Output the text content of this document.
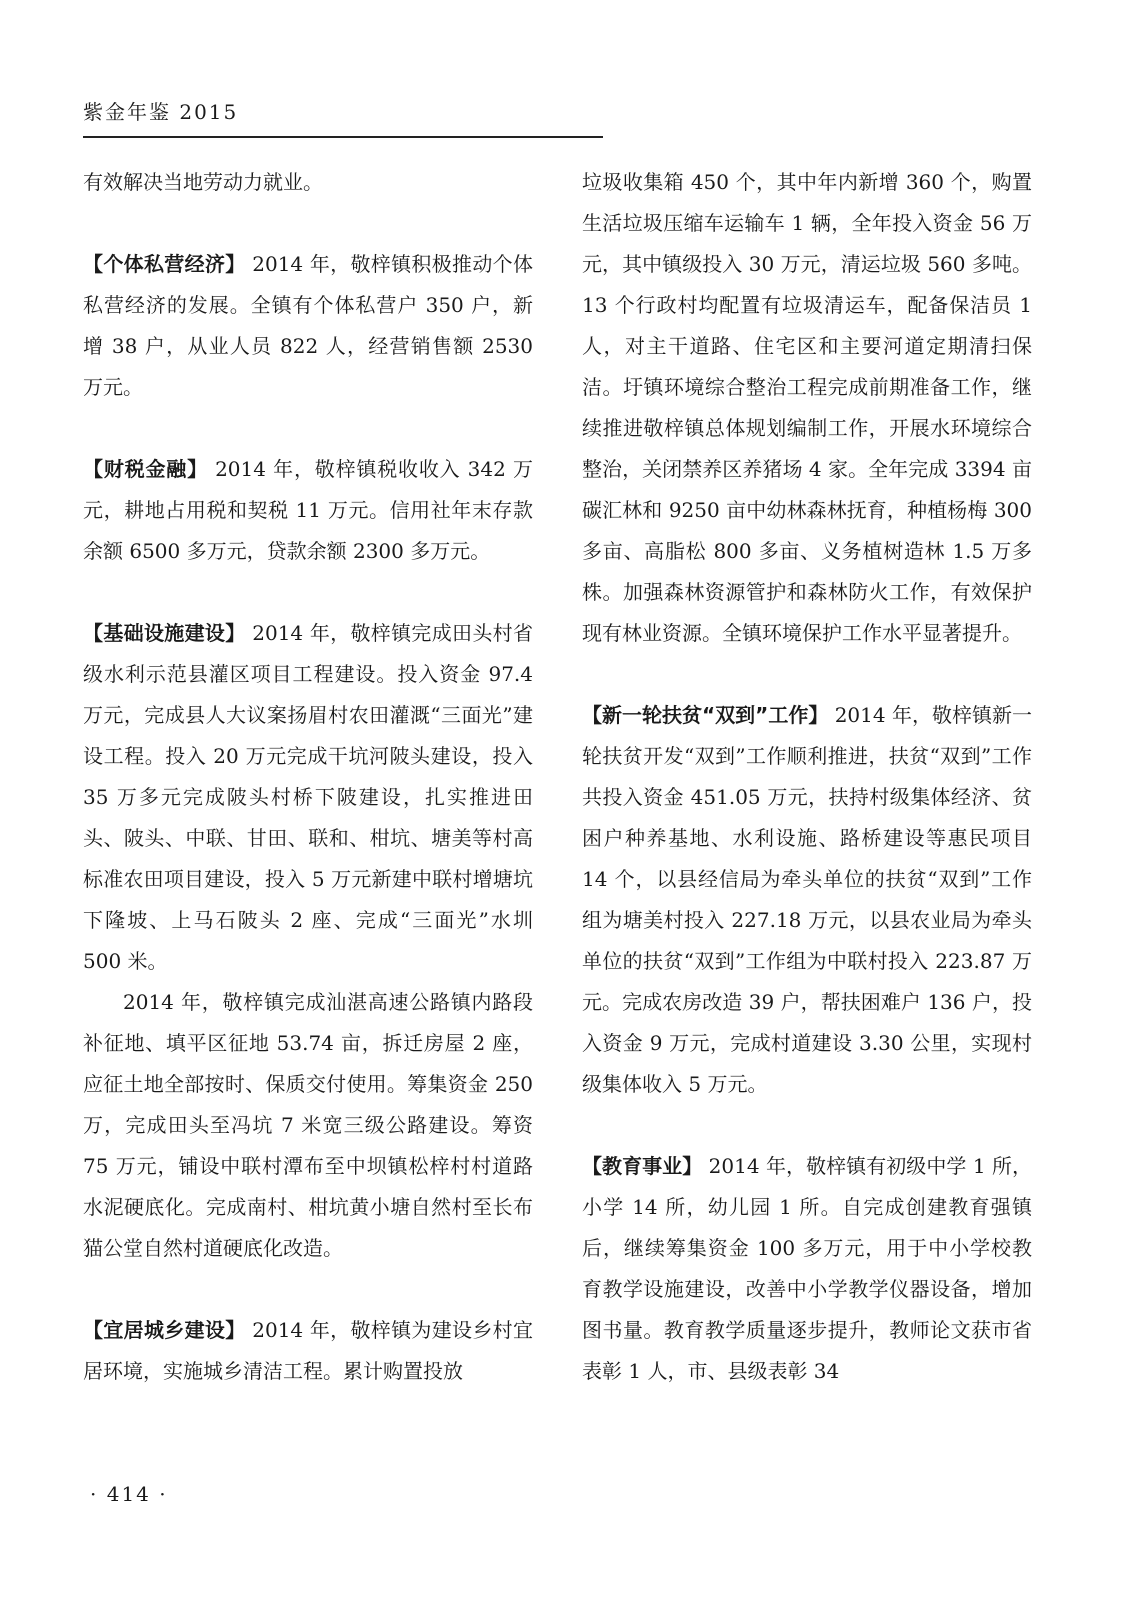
紫金年鉴 2015

有效解决当地劳动力就业。

【个体私营经济】 2014 年，敬梓镇积极推动个体私营经济的发展。全镇有个体私营户 350 户，新增 38 户，从业人员 822 人，经营销售额 2530 万元。

【财税金融】 2014 年，敬梓镇税收收入 342 万元，耕地占用税和契税 11 万元。信用社年末存款余额 6500 多万元，贷款余额 2300 多万元。

【基础设施建设】 2014 年，敬梓镇完成田头村省级水利示范县灌区项目工程建设。投入资金 97.4 万元，完成县人大议案扬眉村农田灌溉“三面光”建设工程。投入 20 万元完成干坑河陂头建设，投入 35 万多元完成陂头村桥下陂建设，扎实推进田头、陂头、中联、甘田、联和、柑坑、塘美等村高标准农田项目建设，投入 5 万元新建中联村增塘坑下隆坡、上马石陂头 2 座、完成“三面光”水圳 500 米。

2014 年，敬梓镇完成汕湛高速公路镇内路段补征地、填平区征地 53.74 亩，拆迁房屋 2 座，应征土地全部按时、保质交付使用。筹集资金 250 万，完成田头至冯坑 7 米宽三级公路建设。筹资 75 万元，铺设中联村潭布至中坝镇松梓村村道路水泥硬底化。完成南村、柑坑黄小塘自然村至长布猫公堂自然村道硬底化改造。

【宜居城乡建设】 2014 年，敬梓镇为建设乡村宜居环境，实施城乡清洁工程。累计购置投放

垃圾收集箱 450 个，其中年内新增 360 个，购置生活垃圾压缩车运输车 1 辆，全年投入资金 56 万元，其中镇级投入 30 万元，清运垃圾 560 多吨。13 个行政村均配置有垃圾清运车，配备保洁员 1 人，对主干道路、住宅区和主要河道定期清扫保洁。圩镇环境综合整治工程完成前期准备工作，继续推进敬梓镇总体规划编制工作，开展水环境综合整治，关闭禁养区养猪场 4 家。全年完成 3394 亩碳汇林和 9250 亩中幼林森林抚育，种植杨梅 300 多亩、高脂松 800 多亩、义务植树造林 1.5 万多株。加强森林资源管护和森林防火工作，有效保护现有林业资源。全镇环境保护工作水平显著提升。

【新一轮扶贫“双到”工作】 2014 年，敬梓镇新一轮扶贫开发“双到”工作顺利推进，扶贫“双到”工作共投入资金 451.05 万元，扶持村级集体经济、贫困户种养基地、水利设施、路桥建设等惠民项目 14 个，以县经信局为牵头单位的扶贫“双到”工作组为塘美村投入 227.18 万元，以县农业局为牵头单位的扶贫“双到”工作组为中联村投入 223.87 万元。完成农房改造 39 户，帮扶困难户 136 户，投入资金 9 万元，完成村道建设 3.30 公里，实现村级集体收入 5 万元。

【教育事业】 2014 年，敬梓镇有初级中学 1 所，小学 14 所，幼儿园 1 所。自完成创建教育强镇后，继续筹集资金 100 多万元，用于中小学校教育教学设施建设，改善中小学教学仪器设备，增加图书量。教育教学质量逐步提升，教师论文获市省表彰 1 人，市、县级表彰 34

· 414 ·
